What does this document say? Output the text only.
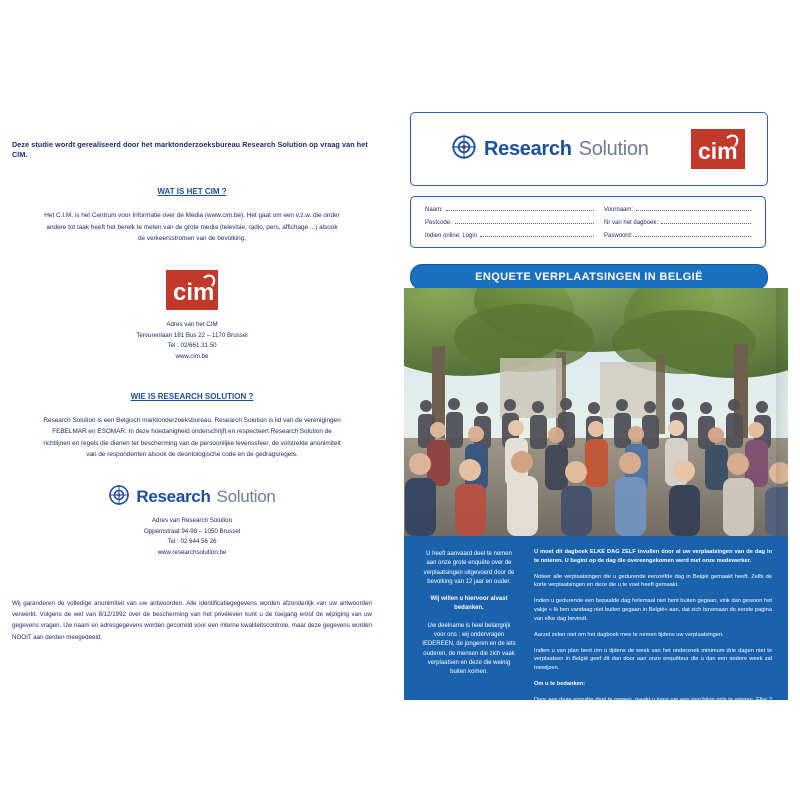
Deze studie wordt gerealiseerd door het marktonderzoeksbureau Research Solution op vraag van het CIM.

WAT IS HET CIM ?
Het C.I.M. is het Centrum voor Informatie over de Media (www.cim.be). Het gaat om een v.z.w. die onder andere tot taak heeft het bereik te meten van de grote media (televisie, radio, pers, affichage ...) alsook de verkeersstromen van de bevolking.
cim
Adres van het CIM
Tervurenlaan 181 Bus 22 – 1170 Brussel
Tel : 02/661.31.50
www.cim.be
WIE IS RESEARCH SOLUTION ?
Research Solution is een Belgisch marktonderzoeksbureau. Research Solution is lid van de verenigingen FEBELMAR en ESOMAR. In deze hoedanigheid onderschrijft en respecteert Research Solution de richtlijnen en regels die dienen ter bescherming van de persoonlijke levenssfeer, de volstrekte anonimiteit van de respondenten alsook de deontologische code en de gedragsregels.
Research Solution
Adres van Research Solution
Oppemstraat 94-98 – 1050 Brussel
Tel : 02 644 56 26
www.researchsolution.be
Wij garanderen de volledige anonimiteit van uw antwoorden. Alle identificatiegegevens worden afzonderlijk van uw antwoorden verwerkt. Volgens de wet van 8/12/1992 over de bescherming van het privéleven kunt u de toegang en/of de wijziging van uw gegevens vragen. Uw naam en adresgegevens worden gecorreld voor een interne kwaliteitscontrole, maar deze gegevens worden NOOIT aan derden meegedeeld.
Research Solution cim
Naam:	Voornaam:
Postcode:	Nr van het dagboek:
Indien online: Login	Paswoord:
ENQUETE VERPLAATSINGEN IN BELGIË

U heeft aanvaard deel te nemen aan onze grote enquête over de verplaatsingen uitgevoerd door de bevolking van 12 jaar en ouder.

Wij willen u hiervoor alvast bedanken.

Uw deelname is heel belangrijk voor ons : wij ondervragen IEDEREEN, de jongeren en de iets ouderen, de mensen die zich vaak verplaatsen en deze die weinig buiten komen.

U moet dit dagboek ELKE DAG ZELF invullen door al uw verplaatsingen van de dag in te noteren. U begint op de dag die overeengekomen werd met onze medewerker.

Noteer alle verplaatsingen die u gedurende eenzelfde dag in België gemaakt heeft. Zelfs de korte verplaatsingen en deze die u te voet heeft gemaakt.

Indien u gedurende een bepaalde dag helemaal niet bent buiten gegaan, vink dan gewoon het vakje « Ik ben vandaag niet buiten gegaan in België» aan, dat zich bovenaan de eerste pagina van elke dag bevindt.

Aarzel zeker niet om het dagboek mee te nemen tijdens uw verplaatsingen.

Indien u van plan bent om u tijdens de week van het onderzoek minimum drie dagen niet te verplaatsen in België geef dit dan door aan onze enquêteur die u dan een andere week zal toewijzen.

Om u te bedanken:

Door aan deze enquête deel te nemen, maakt u kans om een prachtige prijs te winnen. Elke 2 maanden worden er 24 winnaars bij trekking bepaald. Zij krijgen een cadeaubon die varieert tussen 20 € en 250 €.
